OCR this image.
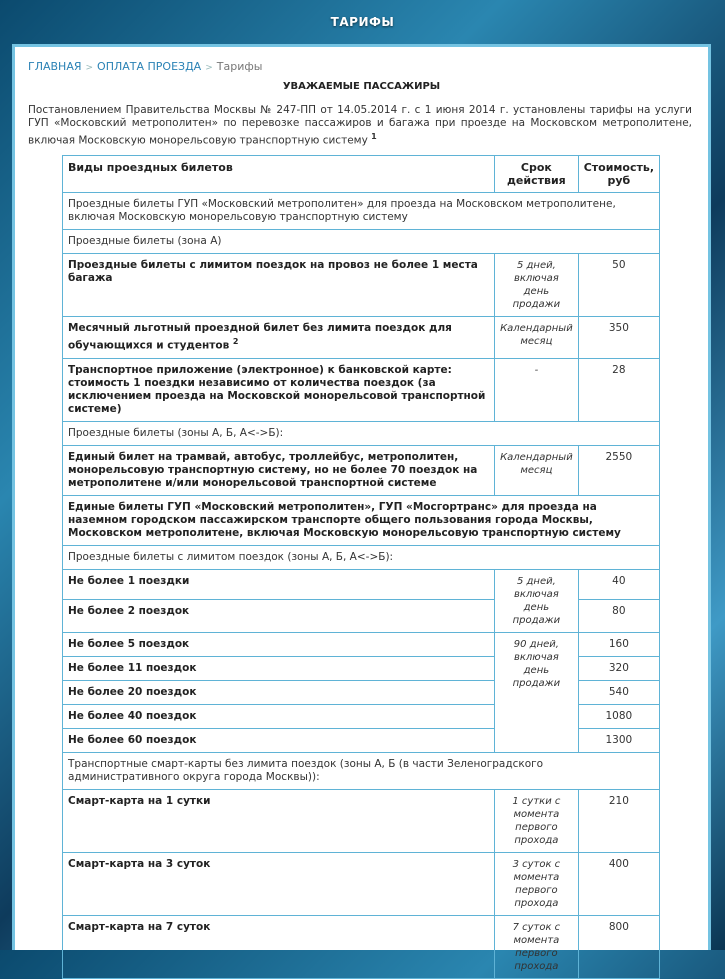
ТАРИФЫ
ГЛАВНАЯ > ОПЛАТА ПРОЕЗДА > Тарифы
УВАЖАЕМЫЕ ПАССАЖИРЫ
Постановлением Правительства Москвы № 247-ПП от 14.05.2014 г. с 1 июня 2014 г. установлены тарифы на услуги ГУП «Московский метрополитен» по перевозке пассажиров и багажа при проезде на Московском метрополитене, включая Московскую монорельсовую транспортную систему $^1$
Виды проездных билетов	Срок действия	Стоимость, руб
Проездные билеты ГУП «Московский метрополитен» для проезда на Московском метрополитене, включая Московскую монорельсовую транспортную систему		
Проездные билеты (зона А)		
Проездные билеты с лимитом поездок на провоз не более 1 места багажа	5 дней, включая день продажи	50
Месячный льготный проездной билет без лимита поездок для обучающихся и студентов $^2$	Календарный месяц	350
Транспортное приложение (электронное) к банковской карте: стоимость 1 поездки независимо от количества поездок (за исключением проезда на Московской монорельсовой транспортной системе)	-	28
Проездные билеты (зоны А, Б, А<->Б):		
Единый билет на трамвай, автобус, троллейбус, метрополитен, монорельсовую транспортную систему, но не более 70 поездок на метрополитене и/или монорельсовой транспортной системе	Календарный месяц	2550
Единые билеты ГУП «Московский метрополитен», ГУП «Мосгортранс» для проезда на наземном городском пассажирском транспорте общего пользования города Москвы, Московском метрополитене, включая Московскую монорельсовую транспортную систему		
Проездные билеты с лимитом поездок (зоны А, Б, А<->Б):		
Не более 1 поездки	5 дней, включая день продажи	40
Не более 2 поездок		80
Не более 5 поездок	90 дней, включая день продажи	160
Не более 11 поездок		320
Не более 20 поездок		540
Не более 40 поездок		1080
Не более 60 поездок		1300
Транспортные смарт-карты без лимита поездок (зоны А, Б (в части Зеленоградского административного округа города Москвы)):		
Смарт-карта на 1 сутки	1 сутки с момента первого прохода	210
Смарт-карта на 3 суток	3 суток с момента первого прохода	400
Смарт-карта на 7 суток	7 суток с момента первого прохода	800
